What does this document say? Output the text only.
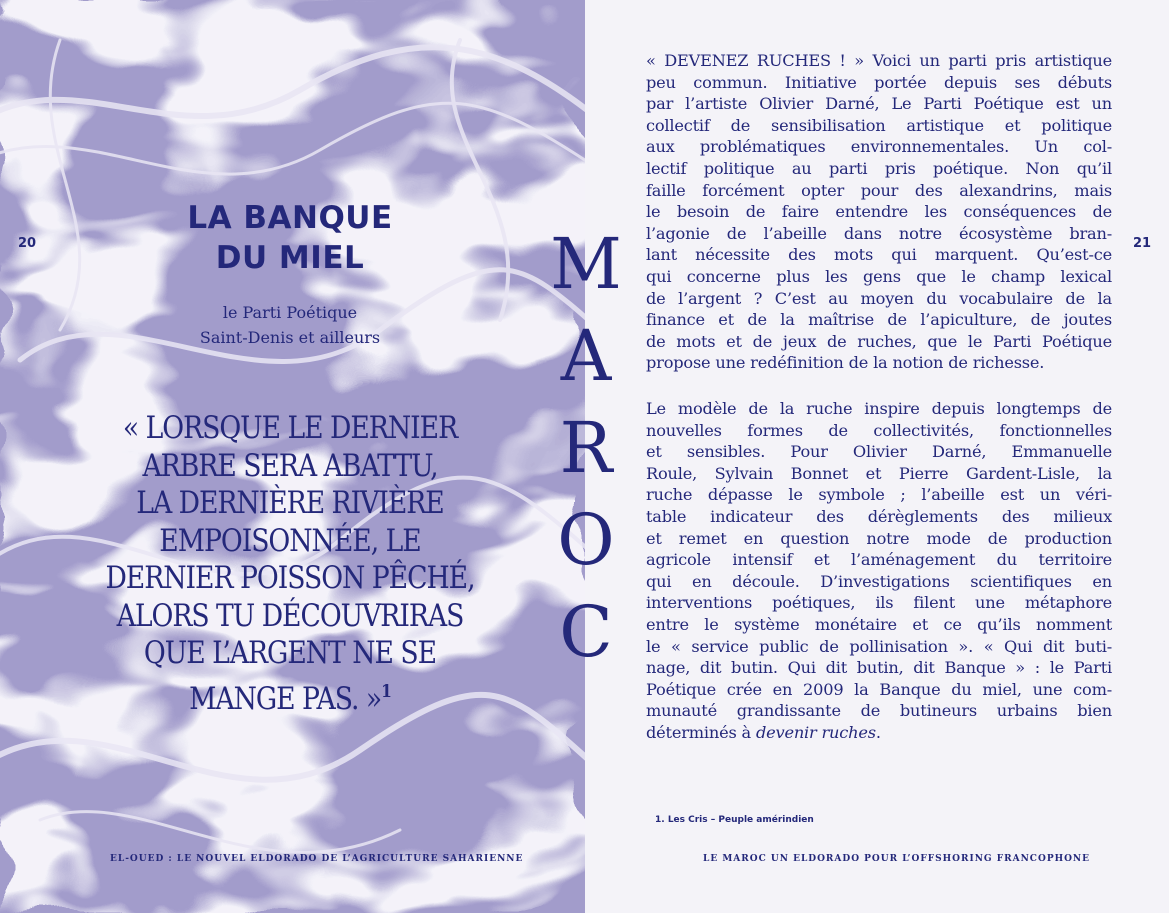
20
LA BANQUE
DU MIEL
le Parti Poétique
Saint-Denis et ailleurs
« LORSQUE LE DERNIER
ARBRE SERA ABATTU,
LA DERNIÈRE RIVIÈRE
EMPOISONNÉE, LE
DERNIER POISSON PÊCHÉ,
ALORS TU DÉCOUVRIRAS
QUE L’ARGENT NE SE
MANGE PAS. »$^1$
EL-OUED : LE NOUVEL ELDORADO DE L’AGRICULTURE SAHARIENNE
M
A
R
O
C
21
« DEVENEZ RUCHES ! » Voici un parti pris artistique
peu commun. Initiative portée depuis ses débuts
par l’artiste Olivier Darné, Le Parti Poétique est un
collectif de sensibilisation artistique et politique
aux problématiques environnementales. Un col-
lectif politique au parti pris poétique. Non qu’il
faille forcément opter pour des alexandrins, mais
le besoin de faire entendre les conséquences de
l’agonie de l’abeille dans notre écosystème bran-
lant nécessite des mots qui marquent. Qu’est-ce
qui concerne plus les gens que le champ lexical
de l’argent ? C’est au moyen du vocabulaire de la
finance et de la maîtrise de l’apiculture, de joutes
de mots et de jeux de ruches, que le Parti Poétique
propose une redéfinition de la notion de richesse.
Le modèle de la ruche inspire depuis longtemps de
nouvelles formes de collectivités, fonctionnelles
et sensibles. Pour Olivier Darné, Emmanuelle
Roule, Sylvain Bonnet et Pierre Gardent-Lisle, la
ruche dépasse le symbole ; l’abeille est un véri-
table indicateur des dérèglements des milieux
et remet en question notre mode de production
agricole intensif et l’aménagement du territoire
qui en découle. D’investigations scientifiques en
interventions poétiques, ils filent une métaphore
entre le système monétaire et ce qu’ils nomment
le « service public de pollinisation ». « Qui dit buti-
nage, dit butin. Qui dit butin, dit Banque » : le Parti
Poétique crée en 2009 la Banque du miel, une com-
munauté grandissante de butineurs urbains bien
déterminés à devenir ruches.
1. Les Cris – Peuple amérindien
LE MAROC UN ELDORADO POUR L’OFFSHORING FRANCOPHONE
